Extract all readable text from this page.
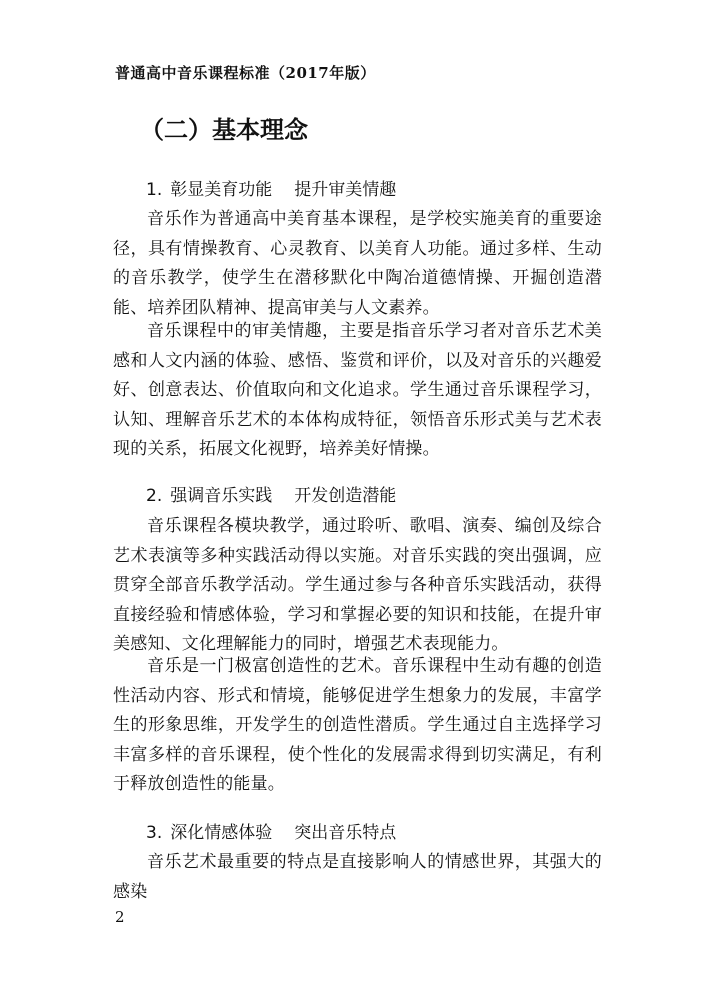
普通高中音乐课程标准（2017年版）
（二）基本理念
1. 彰显美育功能 提升审美情趣

音乐作为普通高中美育基本课程，是学校实施美育的重要途径，具有情操教育、心灵教育、以美育人功能。通过多样、生动的音乐教学，使学生在潜移默化中陶冶道德情操、开掘创造潜能、培养团队精神、提高审美与人文素养。

音乐课程中的审美情趣，主要是指音乐学习者对音乐艺术美感和人文内涵的体验、感悟、鉴赏和评价，以及对音乐的兴趣爱好、创意表达、价值取向和文化追求。学生通过音乐课程学习，认知、理解音乐艺术的本体构成特征，领悟音乐形式美与艺术表现的关系，拓展文化视野，培养美好情操。

2. 强调音乐实践 开发创造潜能

音乐课程各模块教学，通过聆听、歌唱、演奏、编创及综合艺术表演等多种实践活动得以实施。对音乐实践的突出强调，应贯穿全部音乐教学活动。学生通过参与各种音乐实践活动，获得直接经验和情感体验，学习和掌握必要的知识和技能，在提升审美感知、文化理解能力的同时，增强艺术表现能力。

音乐是一门极富创造性的艺术。音乐课程中生动有趣的创造性活动内容、形式和情境，能够促进学生想象力的发展，丰富学生的形象思维，开发学生的创造性潜质。学生通过自主选择学习丰富多样的音乐课程，使个性化的发展需求得到切实满足，有利于释放创造性的能量。

3. 深化情感体验 突出音乐特点

音乐艺术最重要的特点是直接影响人的情感世界，其强大的感染

2
